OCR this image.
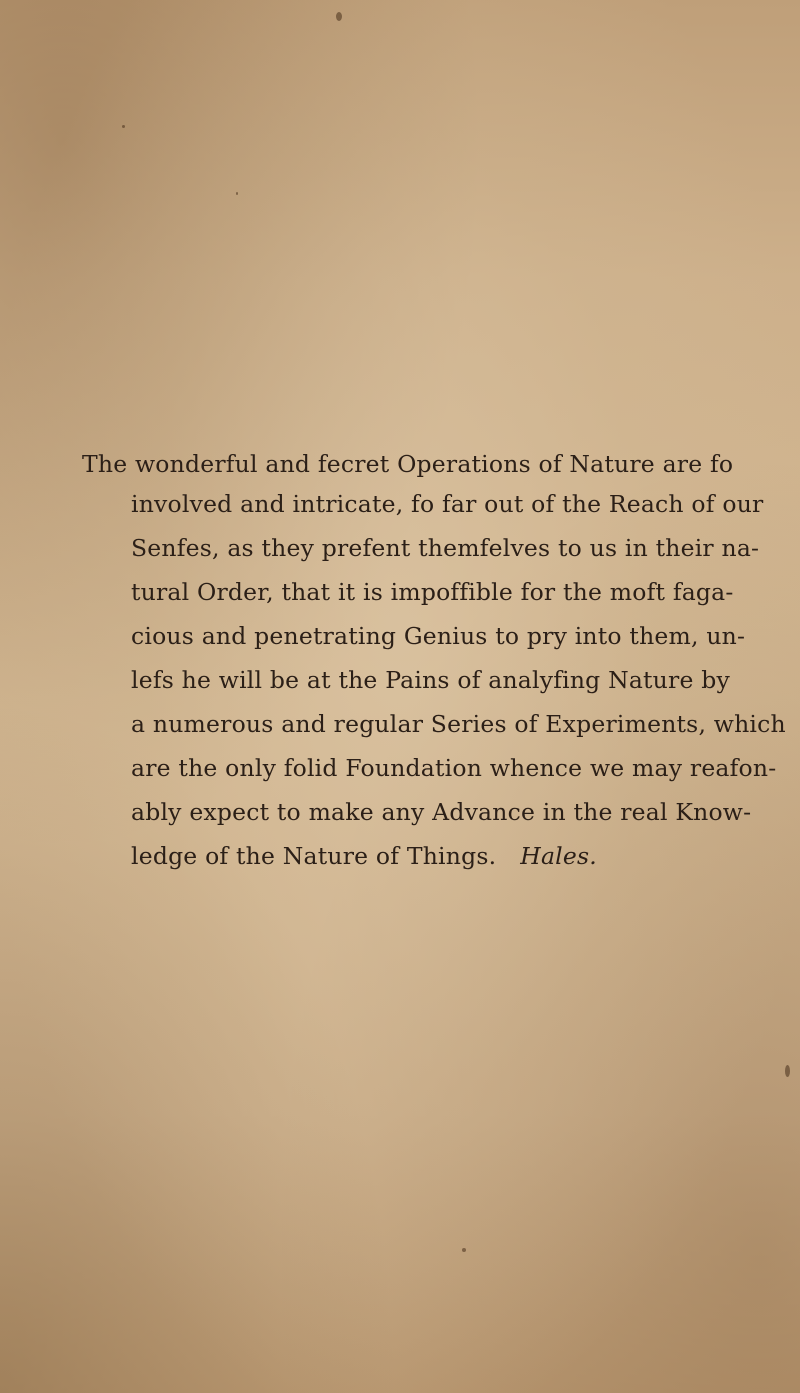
The wonderful and fecret Operations of Nature are fo
involved and intricate, fo far out of the Reach of our
Senfes, as they prefent themfelves to us in their na-
tural Order, that it is impoffible for the moft faga-
cious and penetrating Genius to pry into them, un-
lefs he will be at the Pains of analyfing Nature by
a numerous and regular Series of Experiments, which
are the only folid Foundation whence we may reafon-
ably expect to make any Advance in the real Know-
ledge of the Nature of Things. Hales.
